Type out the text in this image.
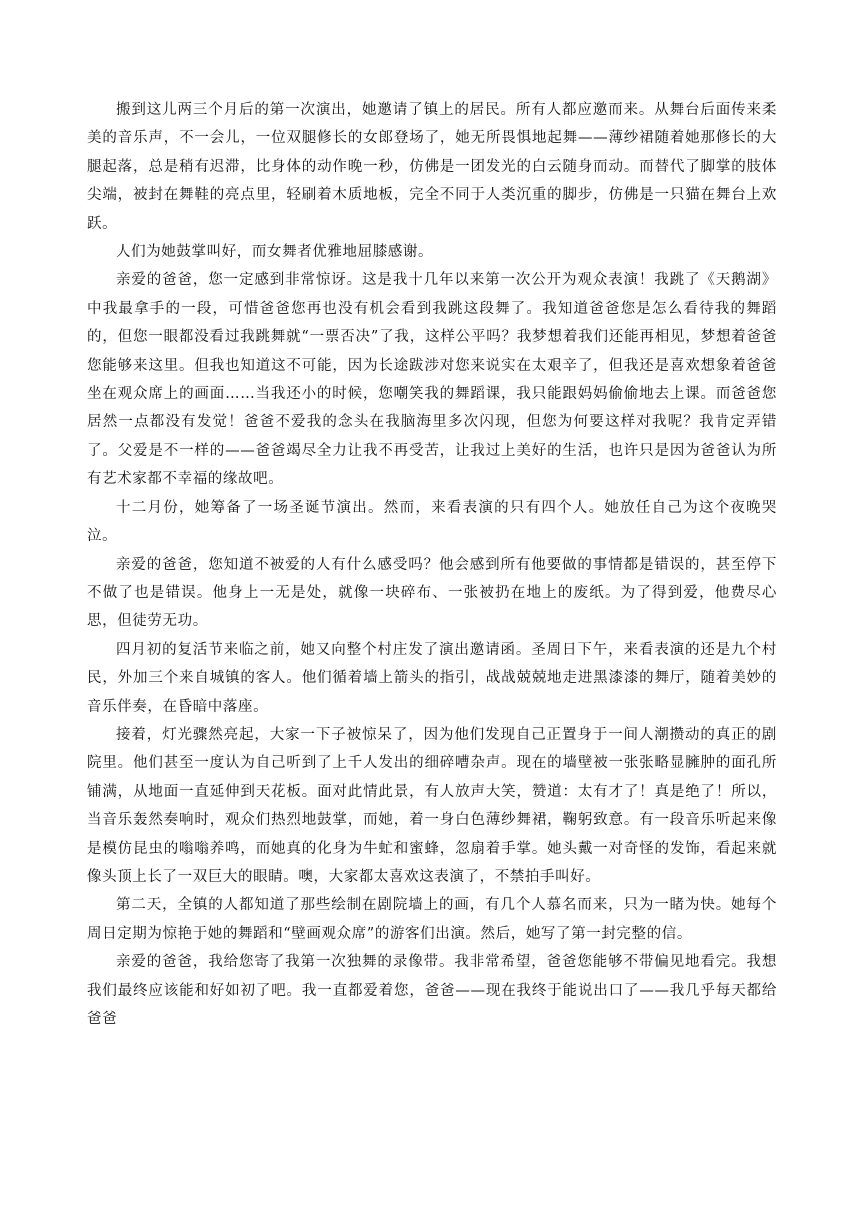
搬到这儿两三个月后的第一次演出，她邀请了镇上的居民。所有人都应邀而来。从舞台后面传来柔美的音乐声，不一会儿，一位双腿修长的女郎登场了，她无所畏惧地起舞——薄纱裙随着她那修长的大腿起落，总是稍有迟滞，比身体的动作晚一秒，仿佛是一团发光的白云随身而动。而替代了脚掌的肢体尖端，被封在舞鞋的亮点里，轻刷着木质地板，完全不同于人类沉重的脚步，仿佛是一只猫在舞台上欢跃。

人们为她鼓掌叫好，而女舞者优雅地屈膝感谢。

亲爱的爸爸，您一定感到非常惊讶。这是我十几年以来第一次公开为观众表演！我跳了《天鹅湖》中我最拿手的一段，可惜爸爸您再也没有机会看到我跳这段舞了。我知道爸爸您是怎么看待我的舞蹈的，但您一眼都没看过我跳舞就“一票否决”了我，这样公平吗？我梦想着我们还能再相见，梦想着爸爸您能够来这里。但我也知道这不可能，因为长途跋涉对您来说实在太艰辛了，但我还是喜欢想象着爸爸坐在观众席上的画面……当我还小的时候，您嘲笑我的舞蹈课，我只能跟妈妈偷偷地去上课。而爸爸您居然一点都没有发觉！爸爸不爱我的念头在我脑海里多次闪现，但您为何要这样对我呢？我肯定弄错了。父爱是不一样的——爸爸竭尽全力让我不再受苦，让我过上美好的生活，也许只是因为爸爸认为所有艺术家都不幸福的缘故吧。

十二月份，她筹备了一场圣诞节演出。然而，来看表演的只有四个人。她放任自己为这个夜晚哭泣。

亲爱的爸爸，您知道不被爱的人有什么感受吗？他会感到所有他要做的事情都是错误的，甚至停下不做了也是错误。他身上一无是处，就像一块碎布、一张被扔在地上的废纸。为了得到爱，他费尽心思，但徒劳无功。

四月初的复活节来临之前，她又向整个村庄发了演出邀请函。圣周日下午，来看表演的还是九个村民，外加三个来自城镇的客人。他们循着墙上箭头的指引，战战兢兢地走进黑漆漆的舞厅，随着美妙的音乐伴奏，在昏暗中落座。

接着，灯光骤然亮起，大家一下子被惊呆了，因为他们发现自己正置身于一间人潮攒动的真正的剧院里。他们甚至一度认为自己听到了上千人发出的细碎嘈杂声。现在的墙壁被一张张略显臃肿的面孔所铺满，从地面一直延伸到天花板。面对此情此景，有人放声大笑，赞道：太有才了！真是绝了！所以，当音乐轰然奏响时，观众们热烈地鼓掌，而她，着一身白色薄纱舞裙，鞠躬致意。有一段音乐听起来像是模仿昆虫的嗡嗡养鸣，而她真的化身为牛虻和蜜蜂，忽扇着手掌。她头戴一对奇怪的发饰，看起来就像头顶上长了一双巨大的眼睛。噢，大家都太喜欢这表演了，不禁拍手叫好。

第二天，全镇的人都知道了那些绘制在剧院墙上的画，有几个人慕名而来，只为一睹为快。她每个周日定期为惊艳于她的舞蹈和“壁画观众席”的游客们出演。然后，她写了第一封完整的信。

亲爱的爸爸，我给您寄了我第一次独舞的录像带。我非常希望，爸爸您能够不带偏见地看完。我想我们最终应该能和好如初了吧。我一直都爱着您，爸爸——现在我终于能说出口了——我几乎每天都给爸爸
